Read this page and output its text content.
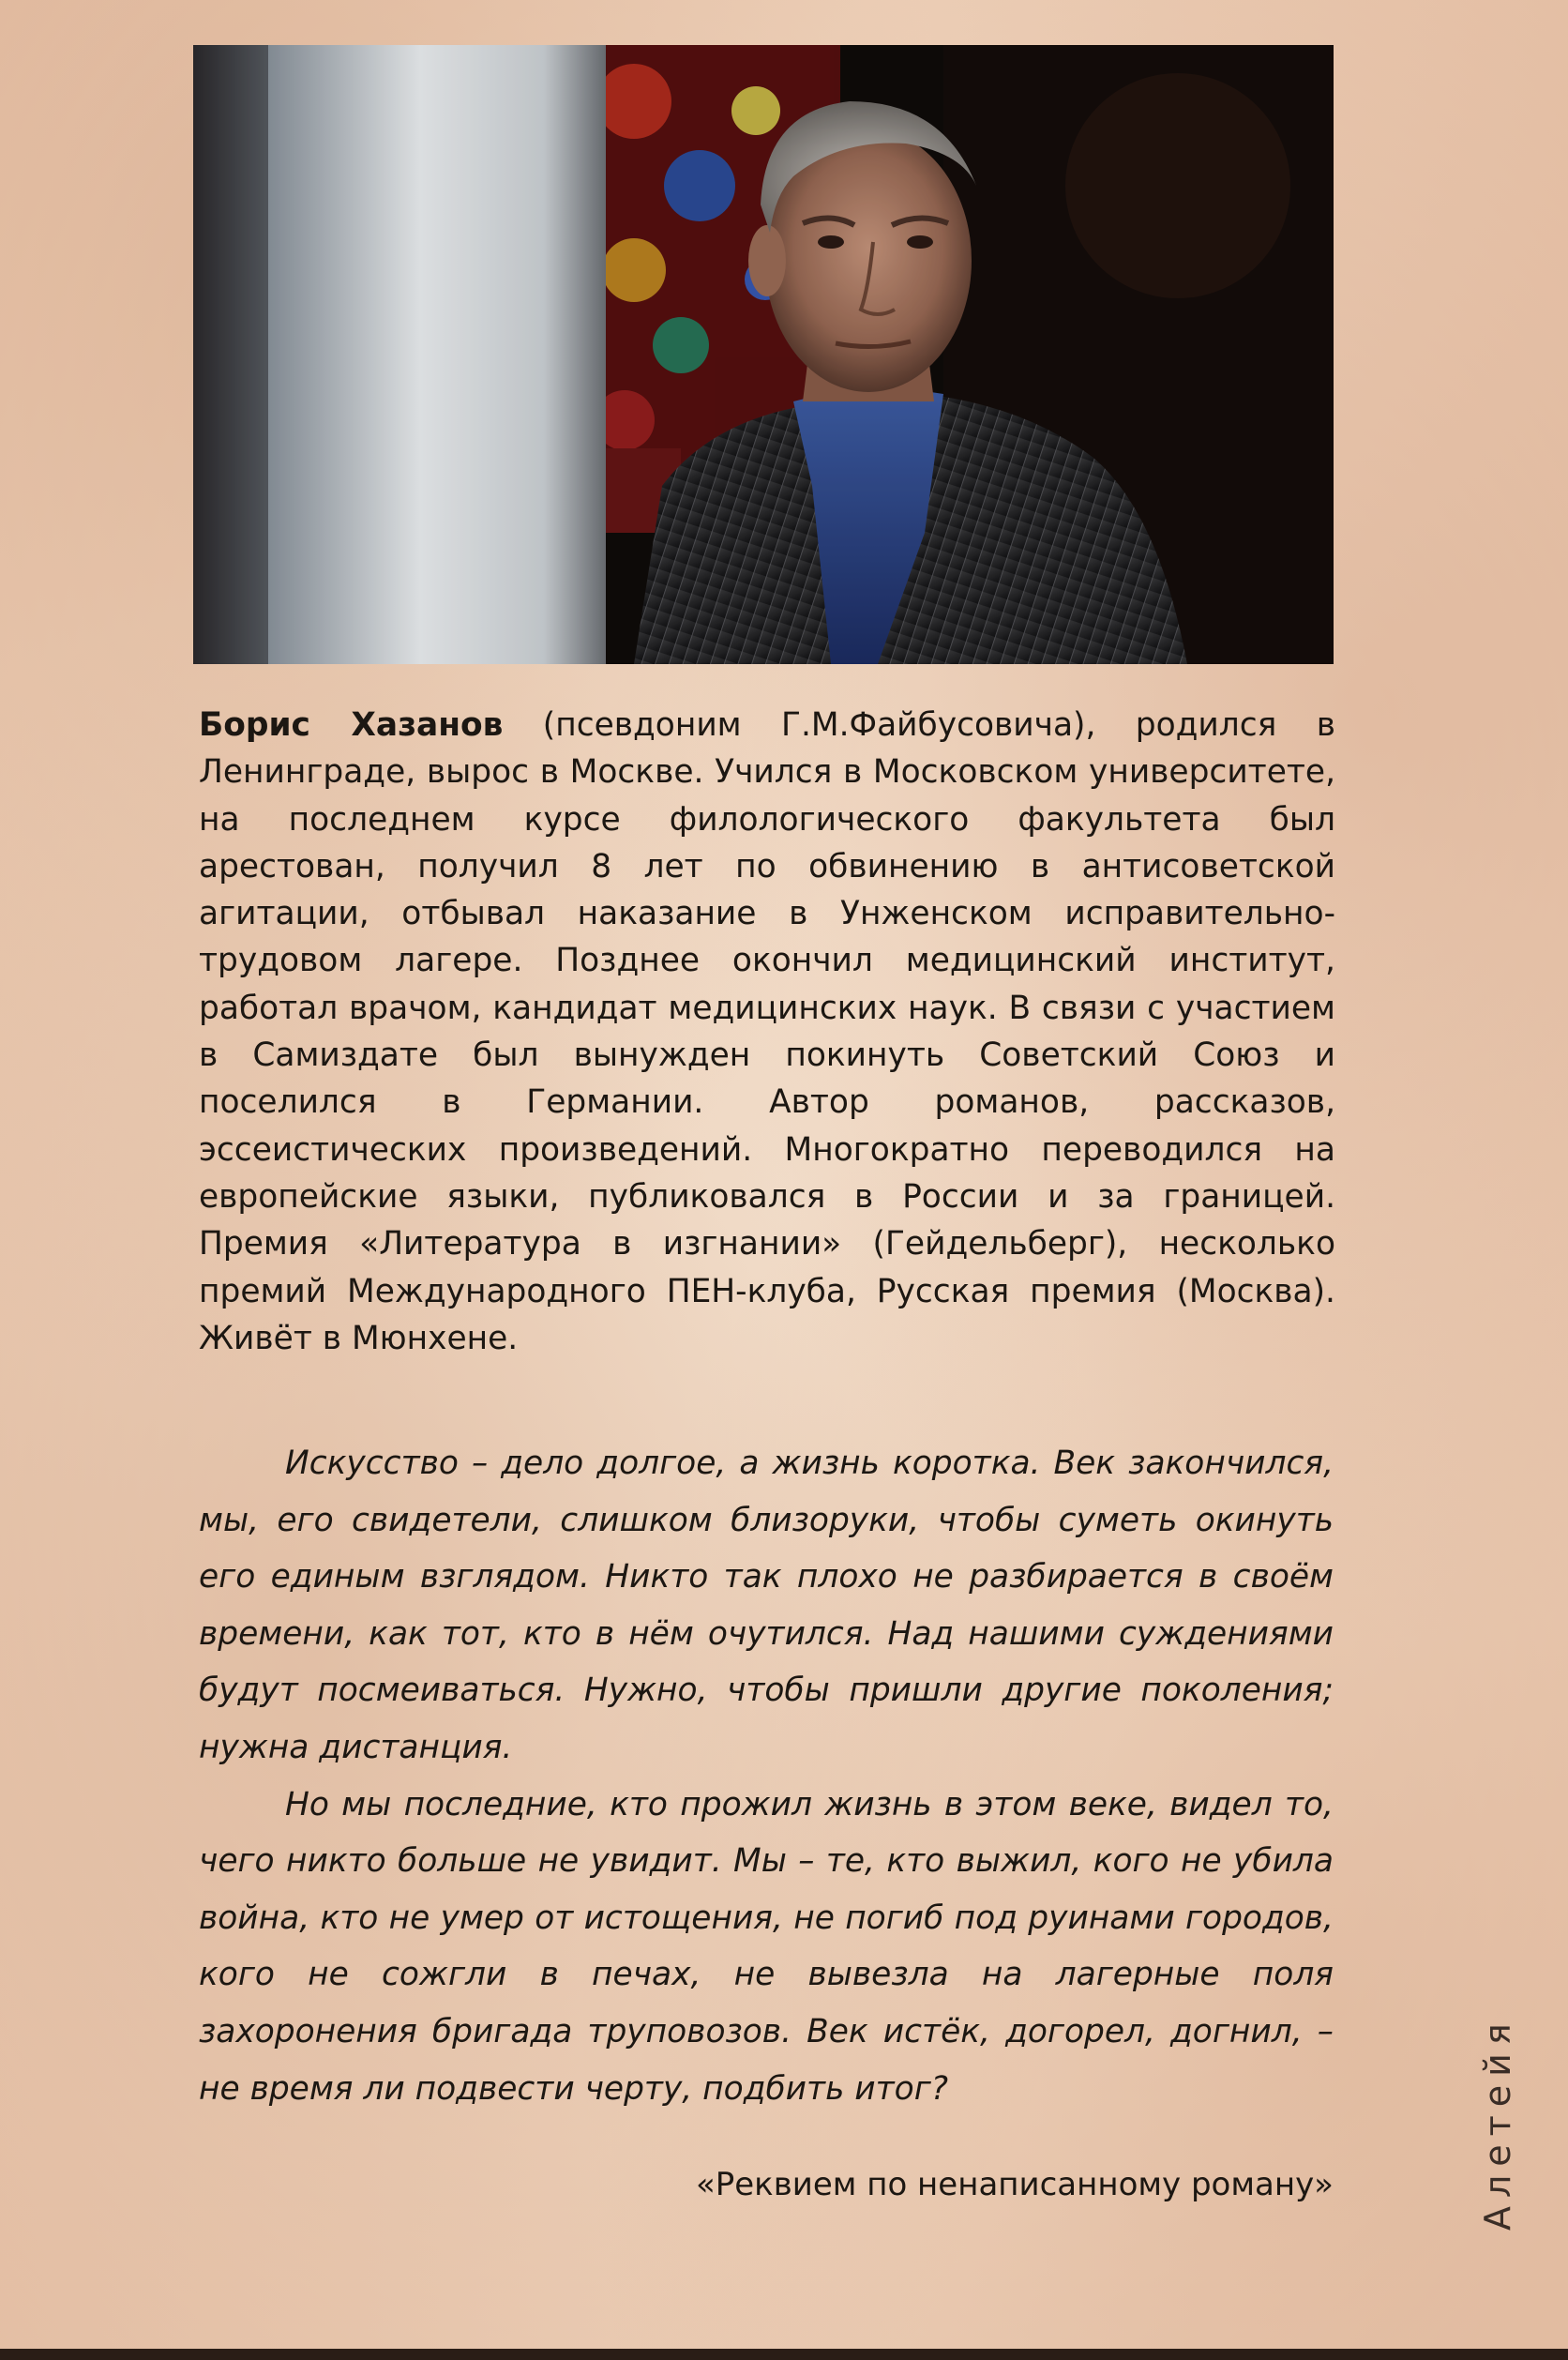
Борис Хазанов (псевдоним Г.М.Файбусовича), родился в Ленинграде, вырос в Москве. Учился в Московском университете, на последнем курсе филологического факультета был арестован, получил 8 лет по обвинению в антисоветской агитации, отбывал наказание в Унженском исправительно-трудовом лагере. Позднее окончил медицинский институт, работал врачом, кандидат медицинских наук. В связи с участием в Самиздате был вынужден покинуть Советский Союз и поселился в Германии. Автор романов, рассказов, эссеистических произведений. Многократно переводился на европейские языки, публиковался в России и за границей. Премия «Литература в изгнании» (Гейдельберг), несколько премий Международного ПЕН-клуба, Русская премия (Москва). Живёт в Мюнхене.

Искусство – дело долгое, а жизнь коротка. Век закончился, мы, его свидетели, слишком близоруки, чтобы суметь окинуть его единым взглядом. Никто так плохо не разбирается в своём времени, как тот, кто в нём очутился. Над нашими суждениями будут посмеиваться. Нужно, чтобы пришли другие поколения; нужна дистанция.

Но мы последние, кто прожил жизнь в этом веке, видел то, чего никто больше не увидит. Мы – те, кто выжил, кого не убила война, кто не умер от истощения, не погиб под руинами городов, кого не сожгли в печах, не вывезла на лагерные поля захоронения бригада труповозов. Век истёк, догорел, догнил, – не время ли подвести черту, подбить итог?

«Реквием по ненаписанному роману»	Алетейя
